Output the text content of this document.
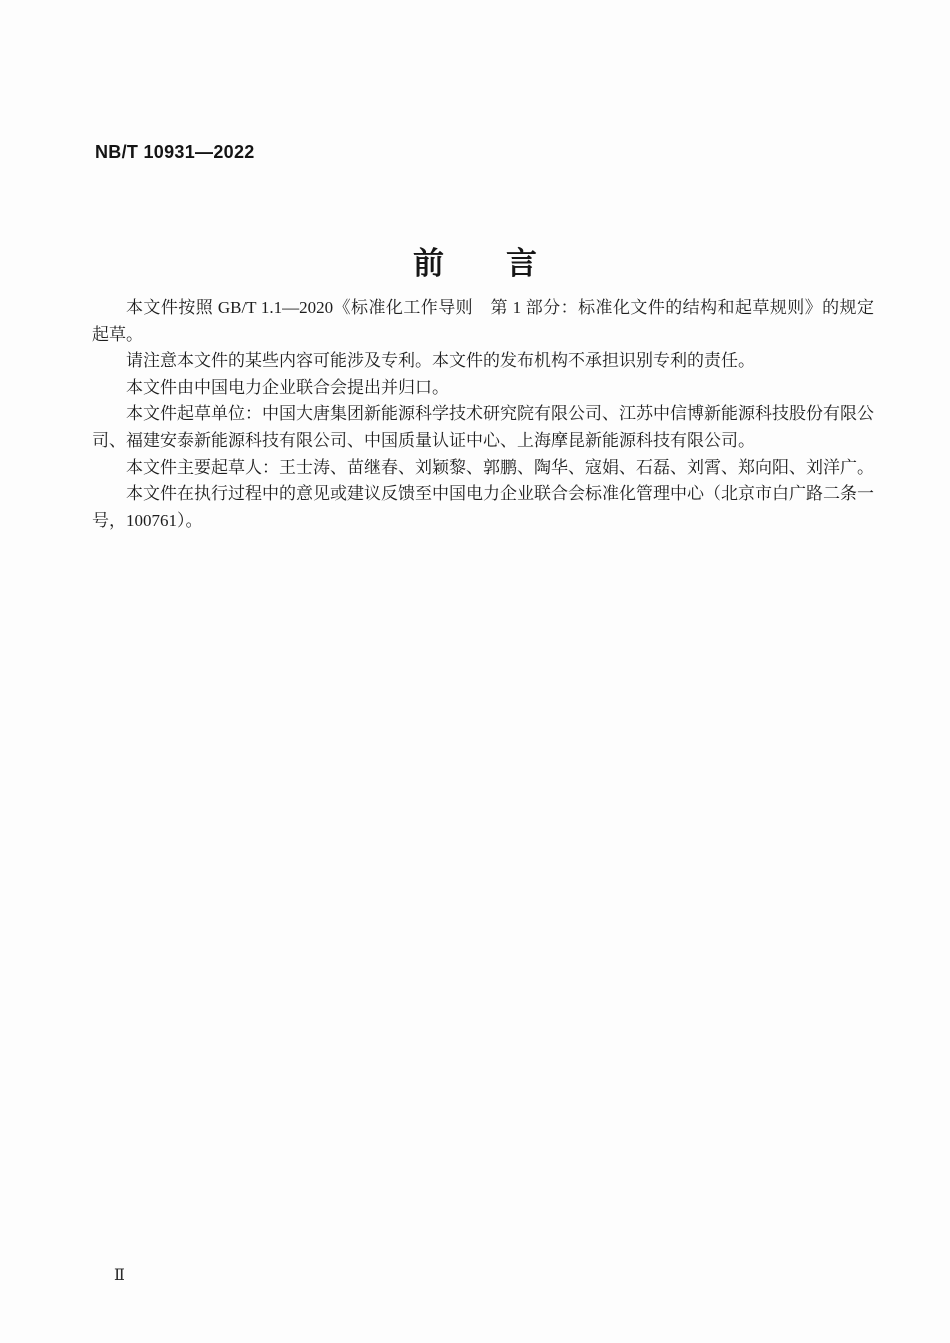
NB/T 10931—2022
前　　言

本文件按照 GB/T 1.1—2020《标准化工作导则　第 1 部分：标准化文件的结构和起草规则》的规定起草。

请注意本文件的某些内容可能涉及专利。本文件的发布机构不承担识别专利的责任。

本文件由中国电力企业联合会提出并归口。

本文件起草单位：中国大唐集团新能源科学技术研究院有限公司、江苏中信博新能源科技股份有限公司、福建安泰新能源科技有限公司、中国质量认证中心、上海摩昆新能源科技有限公司。

本文件主要起草人：王士涛、苗继春、刘颖黎、郭鹏、陶华、寇娟、石磊、刘霄、郑向阳、刘洋广。

本文件在执行过程中的意见或建议反馈至中国电力企业联合会标准化管理中心（北京市白广路二条一号，100761）。

Ⅱ
